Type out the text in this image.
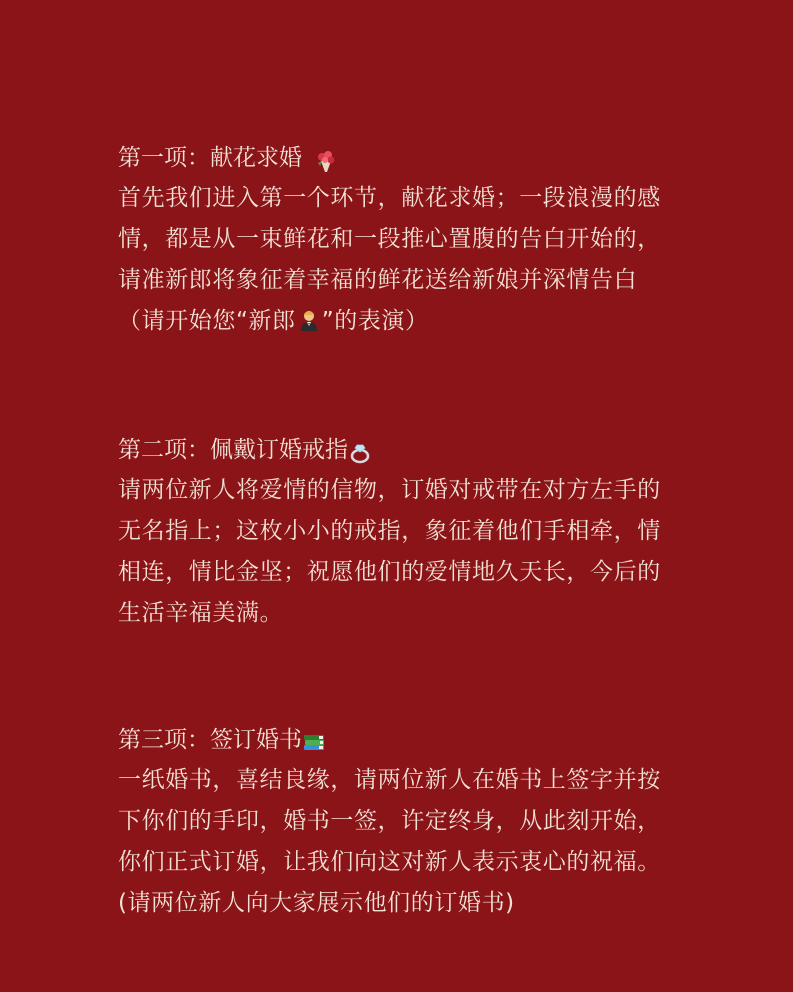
第一项：献花求婚
首先我们进入第一个环节，献花求婚；一段浪漫的感
情，都是从一束鲜花和一段推心置腹的告白开始的，
请准新郎将象征着幸福的鲜花送给新娘并深情告白
（请开始您“新郎 ”的表演）
第二项：佩戴订婚戒指
请两位新人将爱情的信物，订婚对戒带在对方左手的
无名指上；这枚小小的戒指，象征着他们手相牵，情
相连，情比金坚；祝愿他们的爱情地久天长，今后的
生活辛福美满。
第三项：签订婚书
一纸婚书，喜结良缘，请两位新人在婚书上签字并按
下你们的手印，婚书一签，许定终身，从此刻开始，
你们正式订婚，让我们向这对新人表示衷心的祝福。
(请两位新人向大家展示他们的订婚书)
